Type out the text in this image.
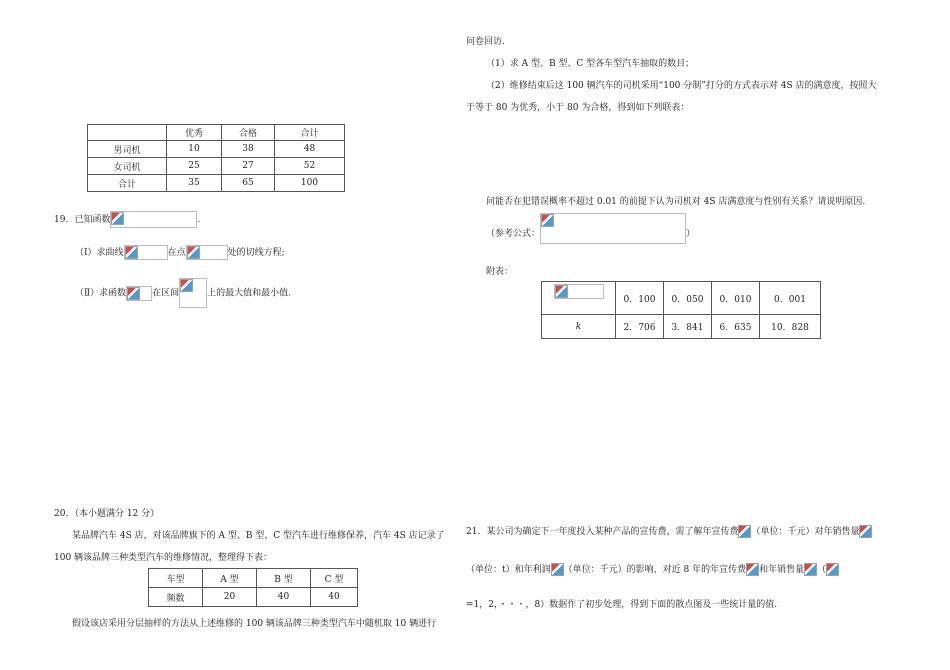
	优秀	合格	合计
男司机	10	38	48
女司机	25	27	52
合计	35	65	100
19．已知函数	.
（Ⅰ）求曲线	在点	处的切线方程;
（Ⅱ）求函数	在区间	上的最大值和最小值.
20．（本小题满分 12 分）
某品牌汽车 4S 店，对该品牌旗下的 A 型、B 型、C 型汽车进行维修保养，汽车 4S 店记录了
100 辆该品牌三种类型汽车的维修情况，整理得下表：
车型	A 型	B 型	C 型
频数	20	40	40
假设该店采用分层抽样的方法从上述维修的 100 辆该品牌三种类型汽车中随机取 10 辆进行
问卷回访.
（1）求 A 型、B 型、C 型各车型汽车抽取的数目；
（2）维修结束后这 100 辆汽车的司机采用“100 分制”打分的方式表示对 4S 店的满意度，按照大
于等于 80 为优秀，小于 80 为合格，得到如下列联表：
问能否在犯错误概率不超过 0.01 的前提下认为司机对 4S 店满意度与性别有关系？请说明原因.
（参考公式：	）
附表：
	0．100	0．050	0．010	0．001
k	2．706	3．841	6．635	10．828
21．某公司为确定下一年度投入某种产品的宣传费，需了解年宣传费 （单位：千元）对年销售量
（单位：t）和年利润 （单位：千元）的影响，对近 8 年的年宣传费 和年销售量 （
=1，2，・・・，8）数据作了初步处理，得到下面的散点图及一些统计量的值.
